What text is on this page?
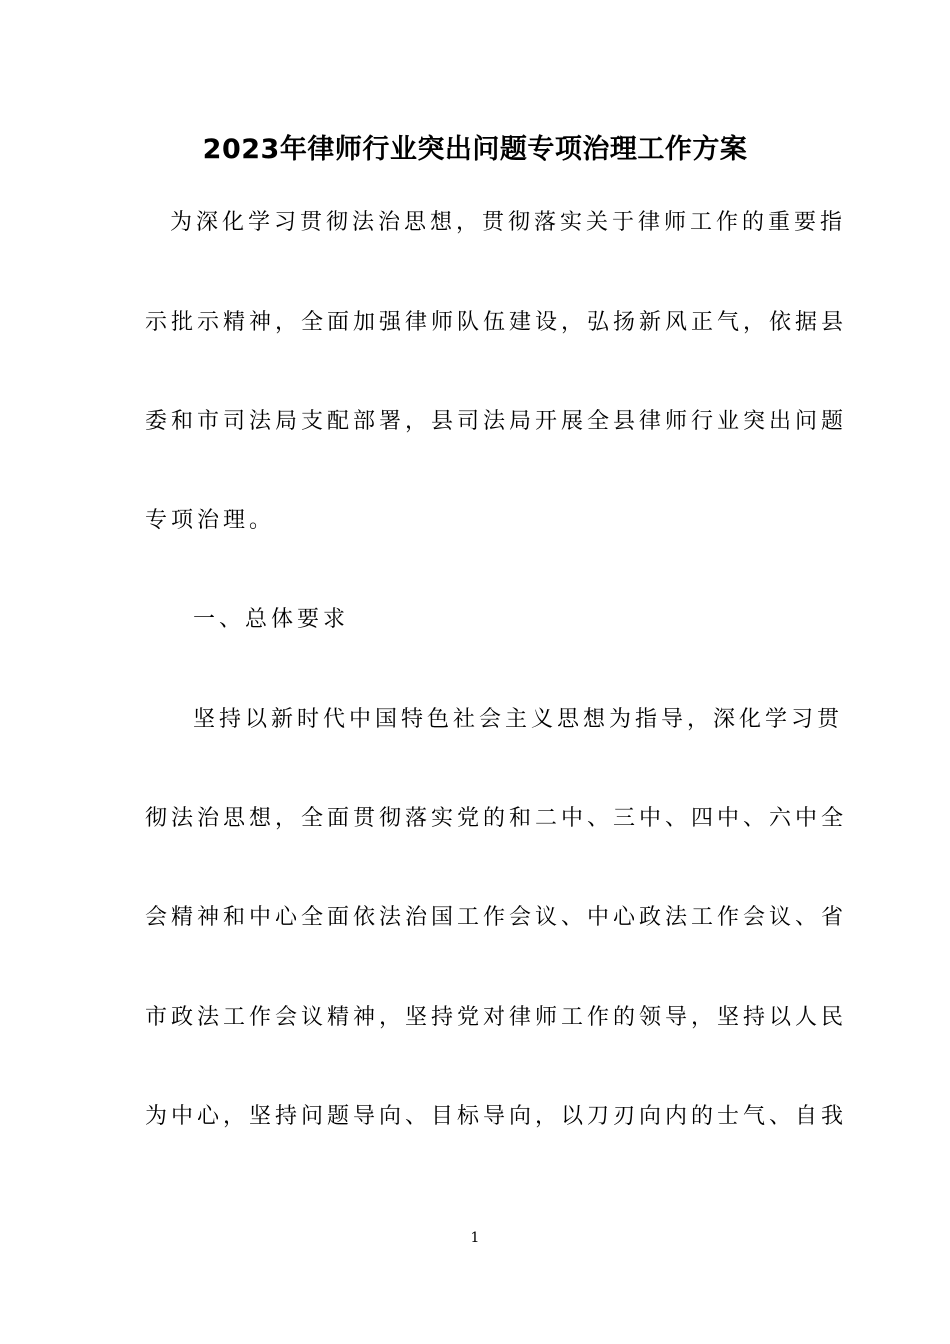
2023年律师行业突出问题专项治理工作方案
为深化学习贯彻法治思想，贯彻落实关于律师工作的重要指
示批示精神，全面加强律师队伍建设，弘扬新风正气，依据县
委和市司法局支配部署，县司法局开展全县律师行业突出问题
专项治理。
一、总体要求
坚持以新时代中国特色社会主义思想为指导，深化学习贯
彻法治思想，全面贯彻落实党的和二中、三中、四中、六中全
会精神和中心全面依法治国工作会议、中心政法工作会议、省
市政法工作会议精神，坚持党对律师工作的领导，坚持以人民
为中心，坚持问题导向、目标导向，以刀刃向内的士气、自我
1
